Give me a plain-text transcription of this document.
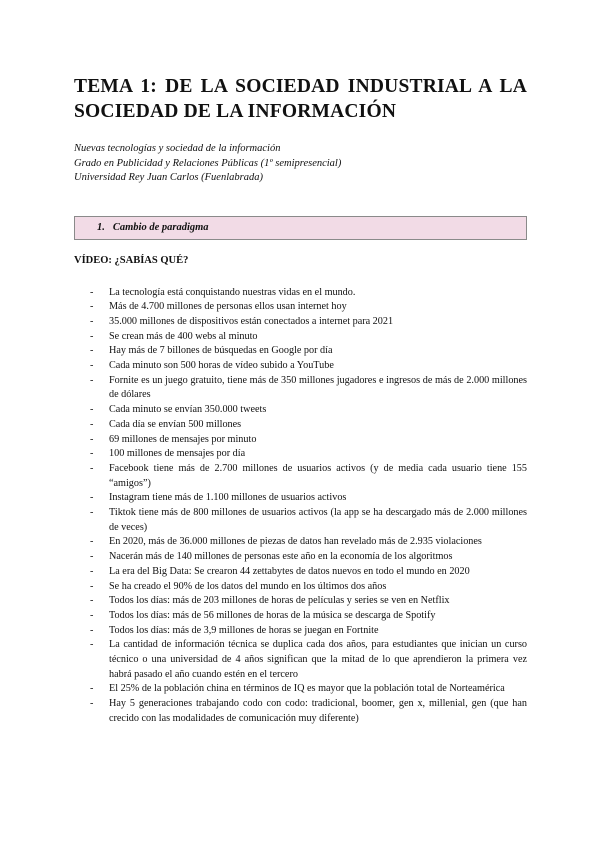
TEMA 1: DE LA SOCIEDAD INDUSTRIAL A LA
SOCIEDAD DE LA INFORMACIÓN
Nuevas tecnologías y sociedad de la información
Grado en Publicidad y Relaciones Públicas (1º semipresencial)
Universidad Rey Juan Carlos (Fuenlabrada)
1. Cambio de paradigma
VÍDEO: ¿SABÍAS QUÉ?
- La tecnología está conquistando nuestras vidas en el mundo.
- Más de 4.700 millones de personas ellos usan internet hoy
- 35.000 millones de dispositivos están conectados a internet para 2021
- Se crean más de 400 webs al minuto
- Hay más de 7 billones de búsquedas en Google por día
- Cada minuto son 500 horas de vídeo subido a YouTube
- Fornite es un juego gratuito, tiene más de 350 millones jugadores e ingresos de más de 2.000 millones de dólares
- Cada minuto se envían 350.000 tweets
- Cada día se envían 500 millones
- 69 millones de mensajes por minuto
- 100 millones de mensajes por día
- Facebook tiene más de 2.700 millones de usuarios activos (y de media cada usuario tiene 155 “amigos”)
- Instagram tiene más de 1.100 millones de usuarios activos
- Tiktok tiene más de 800 millones de usuarios activos (la app se ha descargado más de 2.000 millones de veces)
- En 2020, más de 36.000 millones de piezas de datos han revelado más de 2.935 violaciones
- Nacerán más de 140 millones de personas este año en la economía de los algoritmos
- La era del Big Data: Se crearon 44 zettabytes de datos nuevos en todo el mundo en 2020
- Se ha creado el 90% de los datos del mundo en los últimos dos años
- Todos los días: más de 203 millones de horas de películas y series se ven en Netflix
- Todos los días: más de 56 millones de horas de la música se descarga de Spotify
- Todos los días: más de 3,9 millones de horas se juegan en Fortnite
- La cantidad de información técnica se duplica cada dos años, para estudiantes que inician un curso técnico o una universidad de 4 años significan que la mitad de lo que aprendieron la primera vez habrá pasado el año cuando estén en el tercero
- El 25% de la población china en términos de IQ es mayor que la población total de Norteamérica
- Hay 5 generaciones trabajando codo con codo: tradicional, boomer, gen x, millenial, gen (que han crecido con las modalidades de comunicación muy diferente)
